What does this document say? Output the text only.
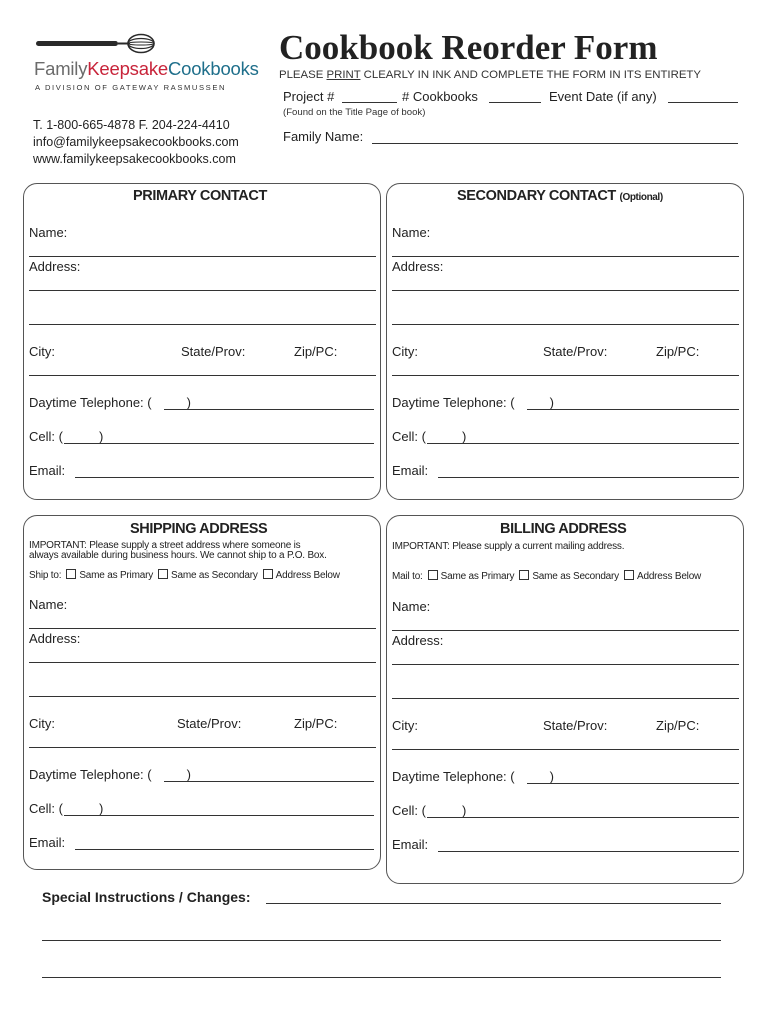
FamilyKeepsakeCookbooks
A DIVISION OF GATEWAY RASMUSSEN
T. 1-800-665-4878 F. 204-224-4410
info@familykeepsakecookbooks.com
www.familykeepsakecookbooks.com
Cookbook Reorder Form
PLEASE PRINT CLEARLY IN INK AND COMPLETE THE FORM IN ITS ENTIRETY
Project #	# Cookbooks	Event Date (if any)
(Found on the Title Page of book)
Family Name:
PRIMARY CONTACT
Name:
Address:
City:	State/Prov:	Zip/PC:
Daytime Telephone: (	)
Cell: (	)
Email:
SECONDARY CONTACT (Optional)
Name:
Address:
City:	State/Prov:	Zip/PC:
Daytime Telephone: (	)
Cell: (	)
Email:
SHIPPING ADDRESS
IMPORTANT: Please supply a street address where someone is
always available during business hours. We cannot ship to a P.O. Box.
Ship to: Same as Primary Same as Secondary Address Below
Name:
Address:
City:	State/Prov:	Zip/PC:
Daytime Telephone: (	)
Cell: (	)
Email:
BILLING ADDRESS
IMPORTANT: Please supply a current mailing address.
Mail to: Same as Primary Same as Secondary Address Below
Name:
Address:
City:	State/Prov:	Zip/PC:
Daytime Telephone: (	)
Cell: (	)
Email:
Special Instructions / Changes:
